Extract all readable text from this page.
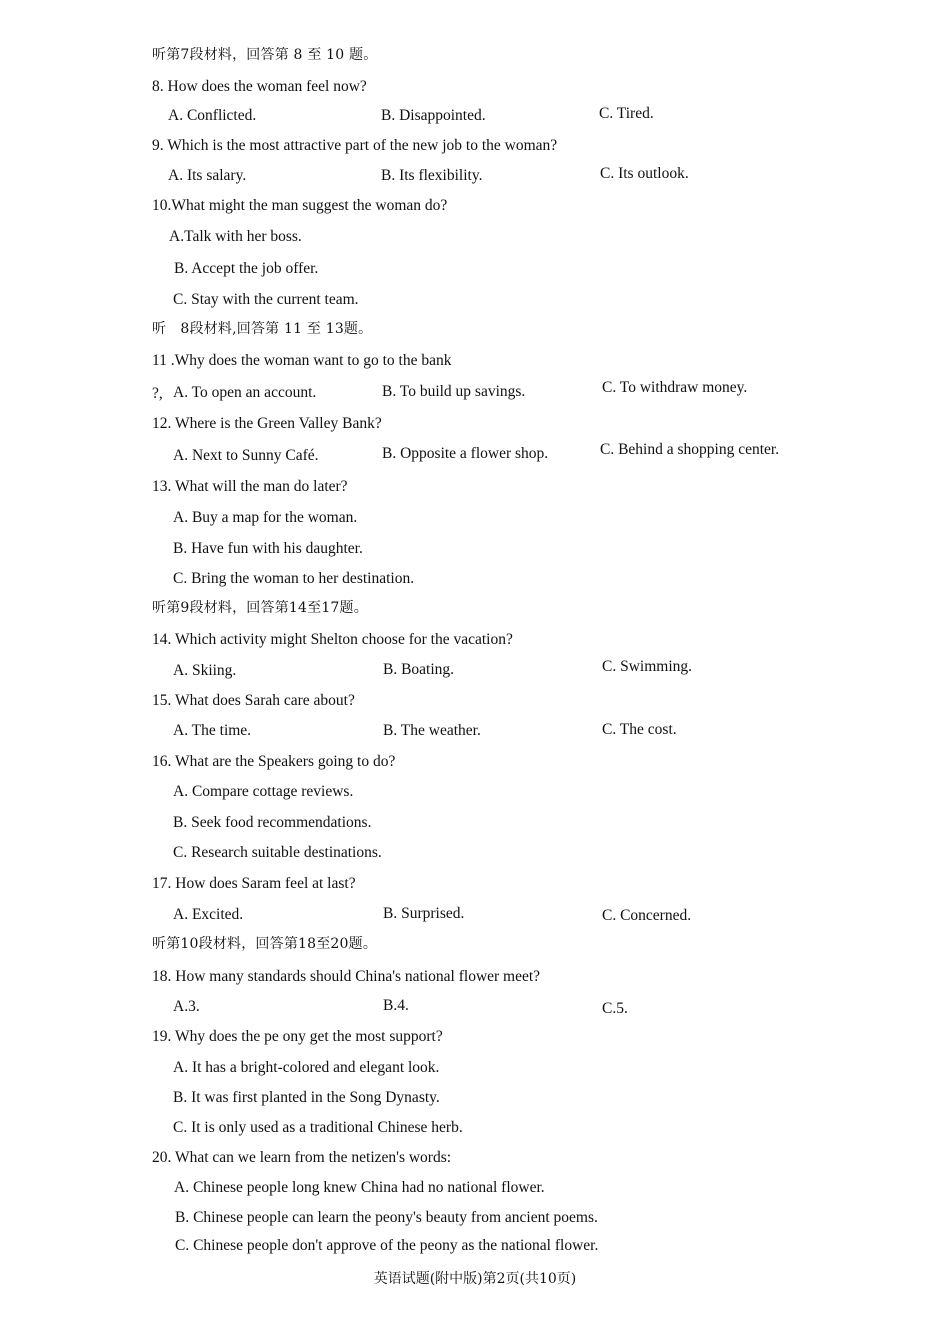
听第7段材料，回答第 8 至 10 题。
8. How does the woman feel now?
A. Conflicted.	B. Disappointed.	C. Tired.
9. Which is the most attractive part of the new job to the woman?
A. Its salary.	B. Its flexibility.	C. Its outlook.
10.What might the man suggest the woman do?
A.Talk with her boss.
B. Accept the job offer.
C. Stay with the current team.
听　8段材料,回答第 11 至 13题。
11 .Why does the woman want to go to the bank
?, A. To open an account.	B. To build up savings.	C. To withdraw money.
12. Where is the Green Valley Bank?
A. Next to Sunny Café.	B. Opposite a flower shop.	C. Behind a shopping center.
13. What will the man do later?
A. Buy a map for the woman.
B. Have fun with his daughter.
C. Bring the woman to her destination.
听第9段材料，回答第14至17题。
14. Which activity might Shelton choose for the vacation?
A. Skiing.	B. Boating.	C. Swimming.
15. What does Sarah care about?
A. The time.	B. The weather.	C. The cost.
16. What are the Speakers going to do?
A. Compare cottage reviews.
B. Seek food recommendations.
C. Research suitable destinations.
17. How does Saram feel at last?
A. Excited.	B. Surprised.	C. Concerned.
听第10段材料，回答第18至20题。
18. How many standards should China's national flower meet?
A.3.	B.4.	C.5.
19. Why does the pe ony get the most support?
A. It has a bright-colored and elegant look.
B. It was first planted in the Song Dynasty.
C. It is only used as a traditional Chinese herb.
20. What can we learn from the netizen's words:
A. Chinese people long knew China had no national flower.
B. Chinese people can learn the peony's beauty from ancient poems.
C. Chinese people don't approve of the peony as the national flower.
英语试题(附中版)第2页(共10页)
